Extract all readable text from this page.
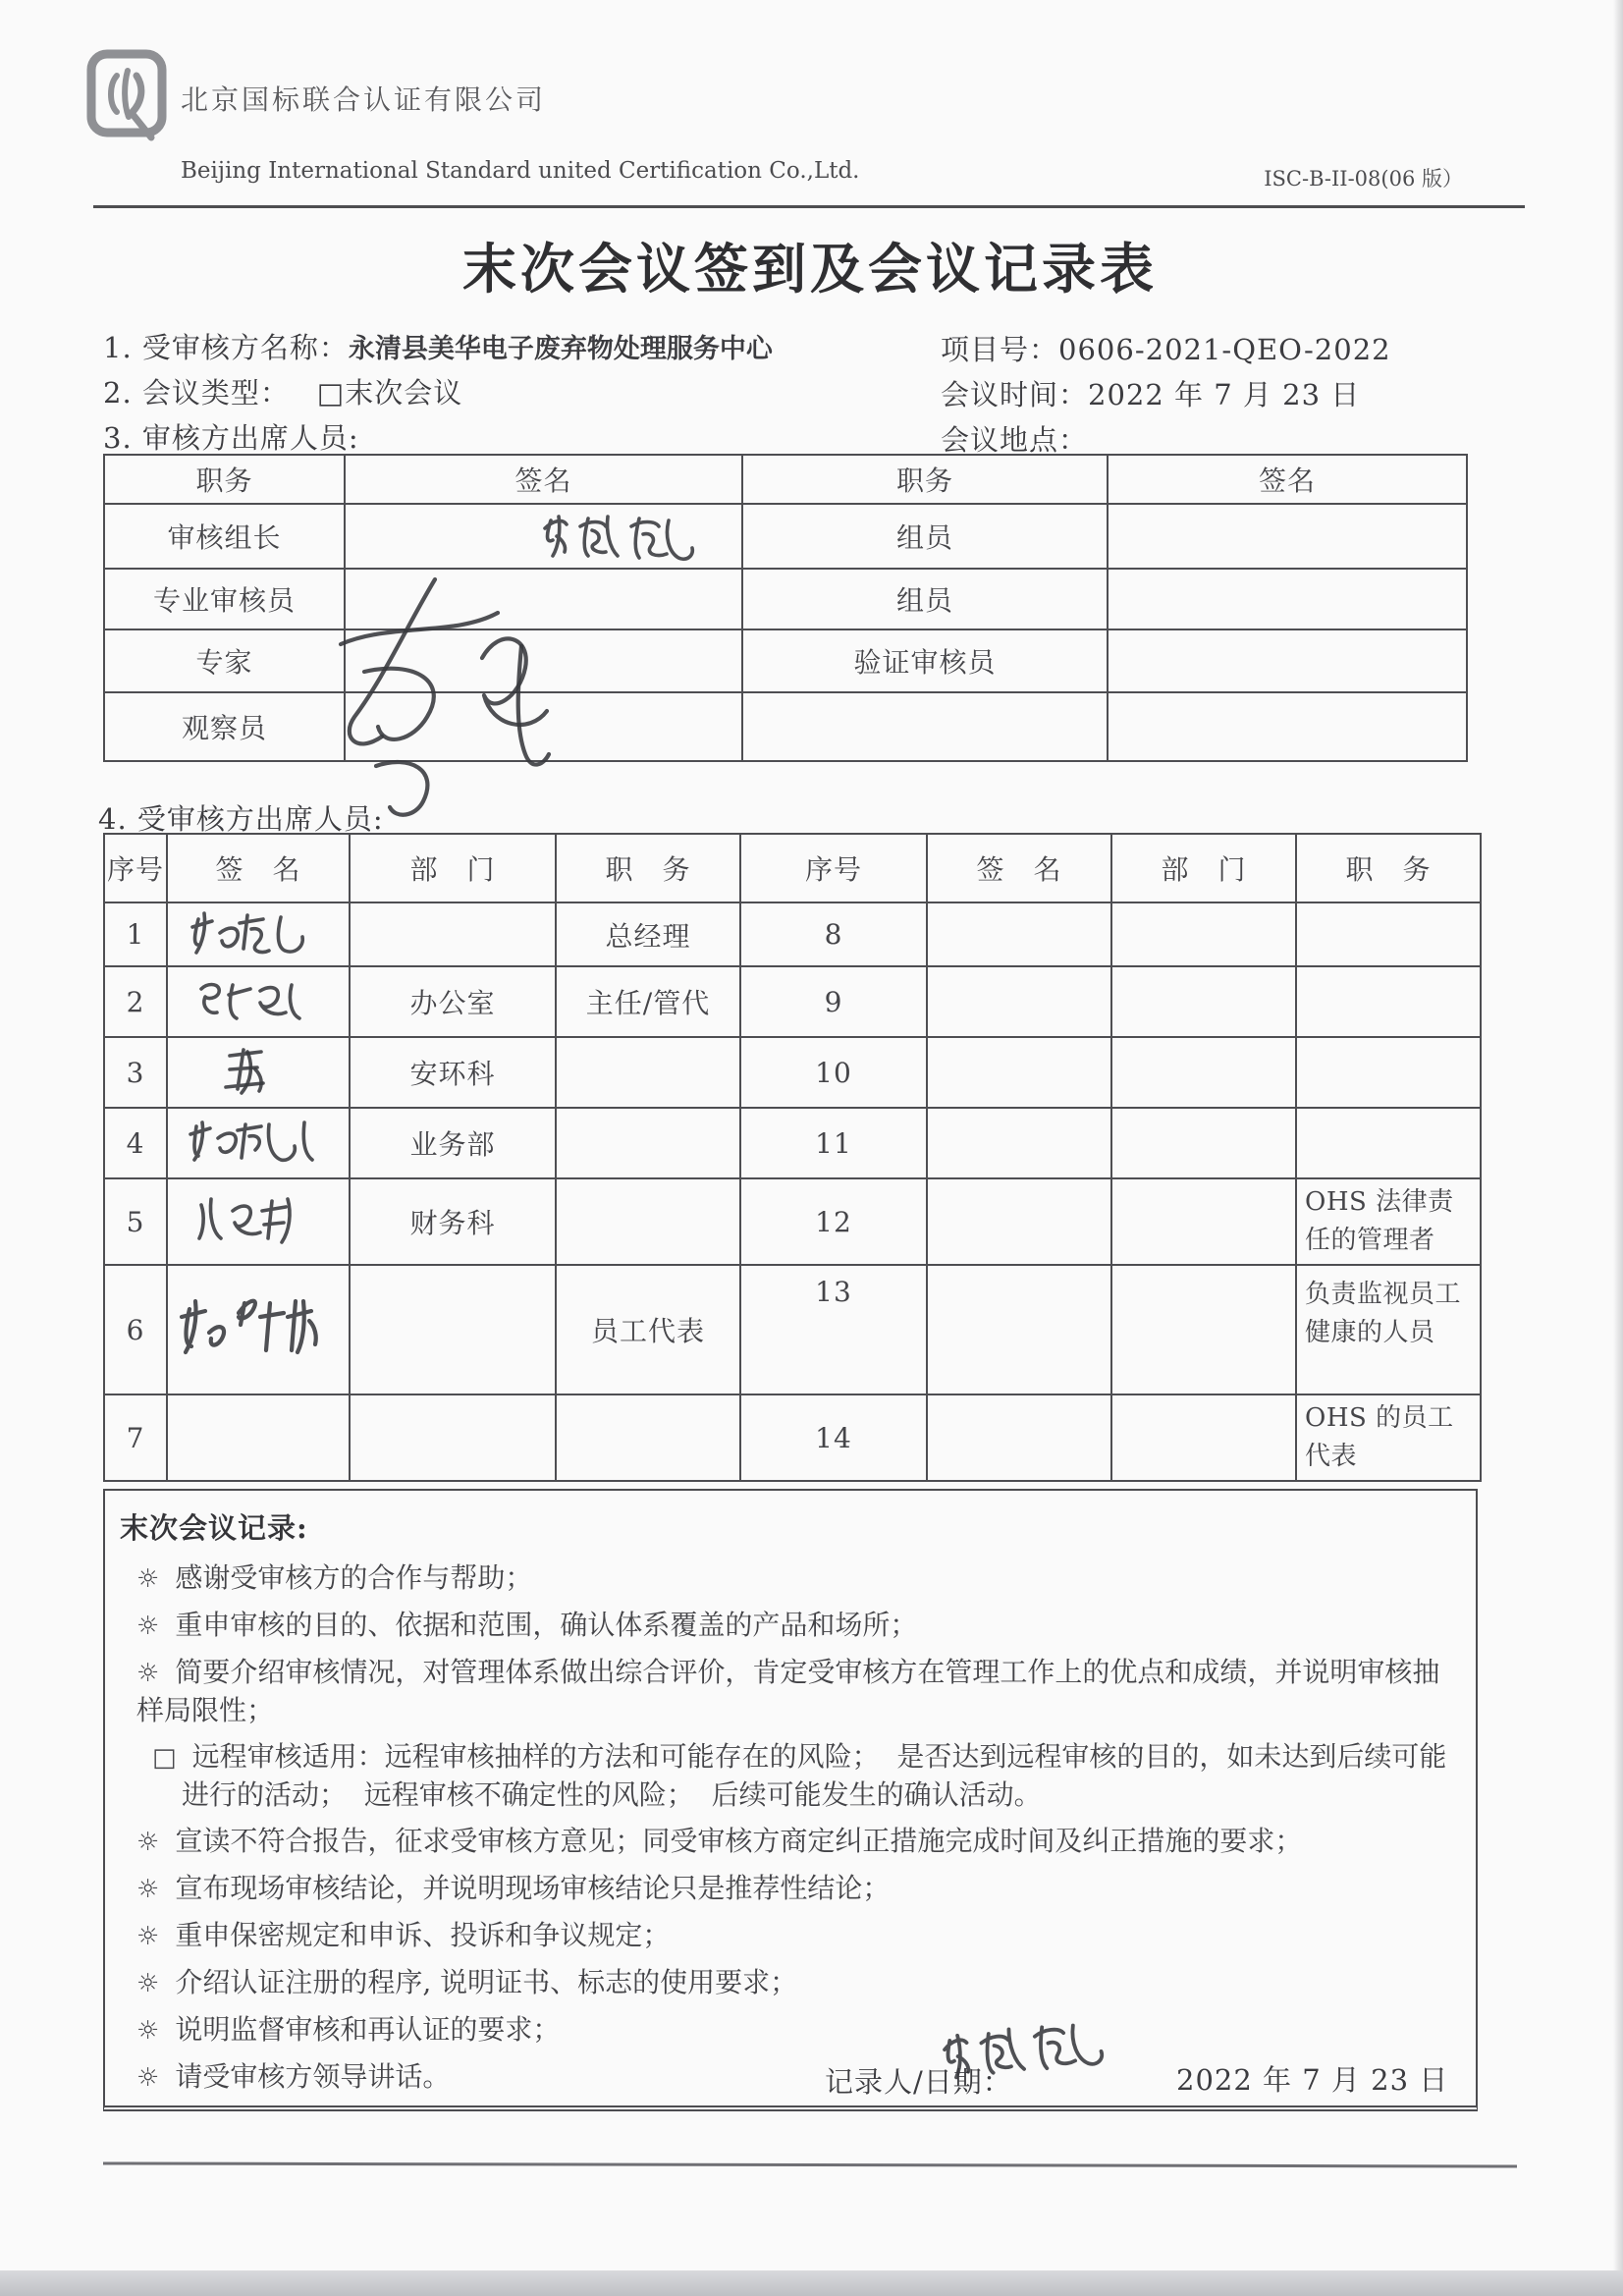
北京国标联合认证有限公司
Beijing International Standard united Certification Co.,Ltd.	ISC-B-II-08(06 版）
末次会议签到及会议记录表
1. 受审核方名称：永清县美华电子废弃物处理服务中心	项目号：0606-2021-QEO-2022
2. 会议类型： □末次会议	会议时间：2022 年 7 月 23 日
3. 审核方出席人员:	会议地点：
职务	签名	职务	签名
审核组长		组员	
专业审核员		组员	
专家		验证审核员	
观察员			
4. 受审核方出席人员:
序号	签　名	部　门	职　务	序号	签　名	部　门	职　务
1			总经理	8			
2		办公室	主任/管代	9			
3		安环科		10			
4		业务部		11			
5		财务科		12			OHS 法律责任的管理者
6			员工代表	13			负责监视员工健康的人员
7				14			OHS 的员工代表
末次会议记录:
☼ 感谢受审核方的合作与帮助；
☼ 重申审核的目的、依据和范围，确认体系覆盖的产品和场所；
☼ 简要介绍审核情况，对管理体系做出综合评价，肯定受审核方在管理工作上的优点和成绩，并说明审核抽样局限性；
□ 远程审核适用：远程审核抽样的方法和可能存在的风险；  是否达到远程审核的目的，如未达到后续可能进行的活动；  远程审核不确定性的风险；  后续可能发生的确认活动。
☼ 宣读不符合报告，征求受审核方意见；同受审核方商定纠正措施完成时间及纠正措施的要求；
☼ 宣布现场审核结论，并说明现场审核结论只是推荐性结论；
☼ 重申保密规定和申诉、投诉和争议规定；
☼ 介绍认证注册的程序, 说明证书、标志的使用要求；
☼ 说明监督审核和再认证的要求；
☼ 请受审核方领导讲话。	记录人/日期：	2022 年 7 月 23 日
